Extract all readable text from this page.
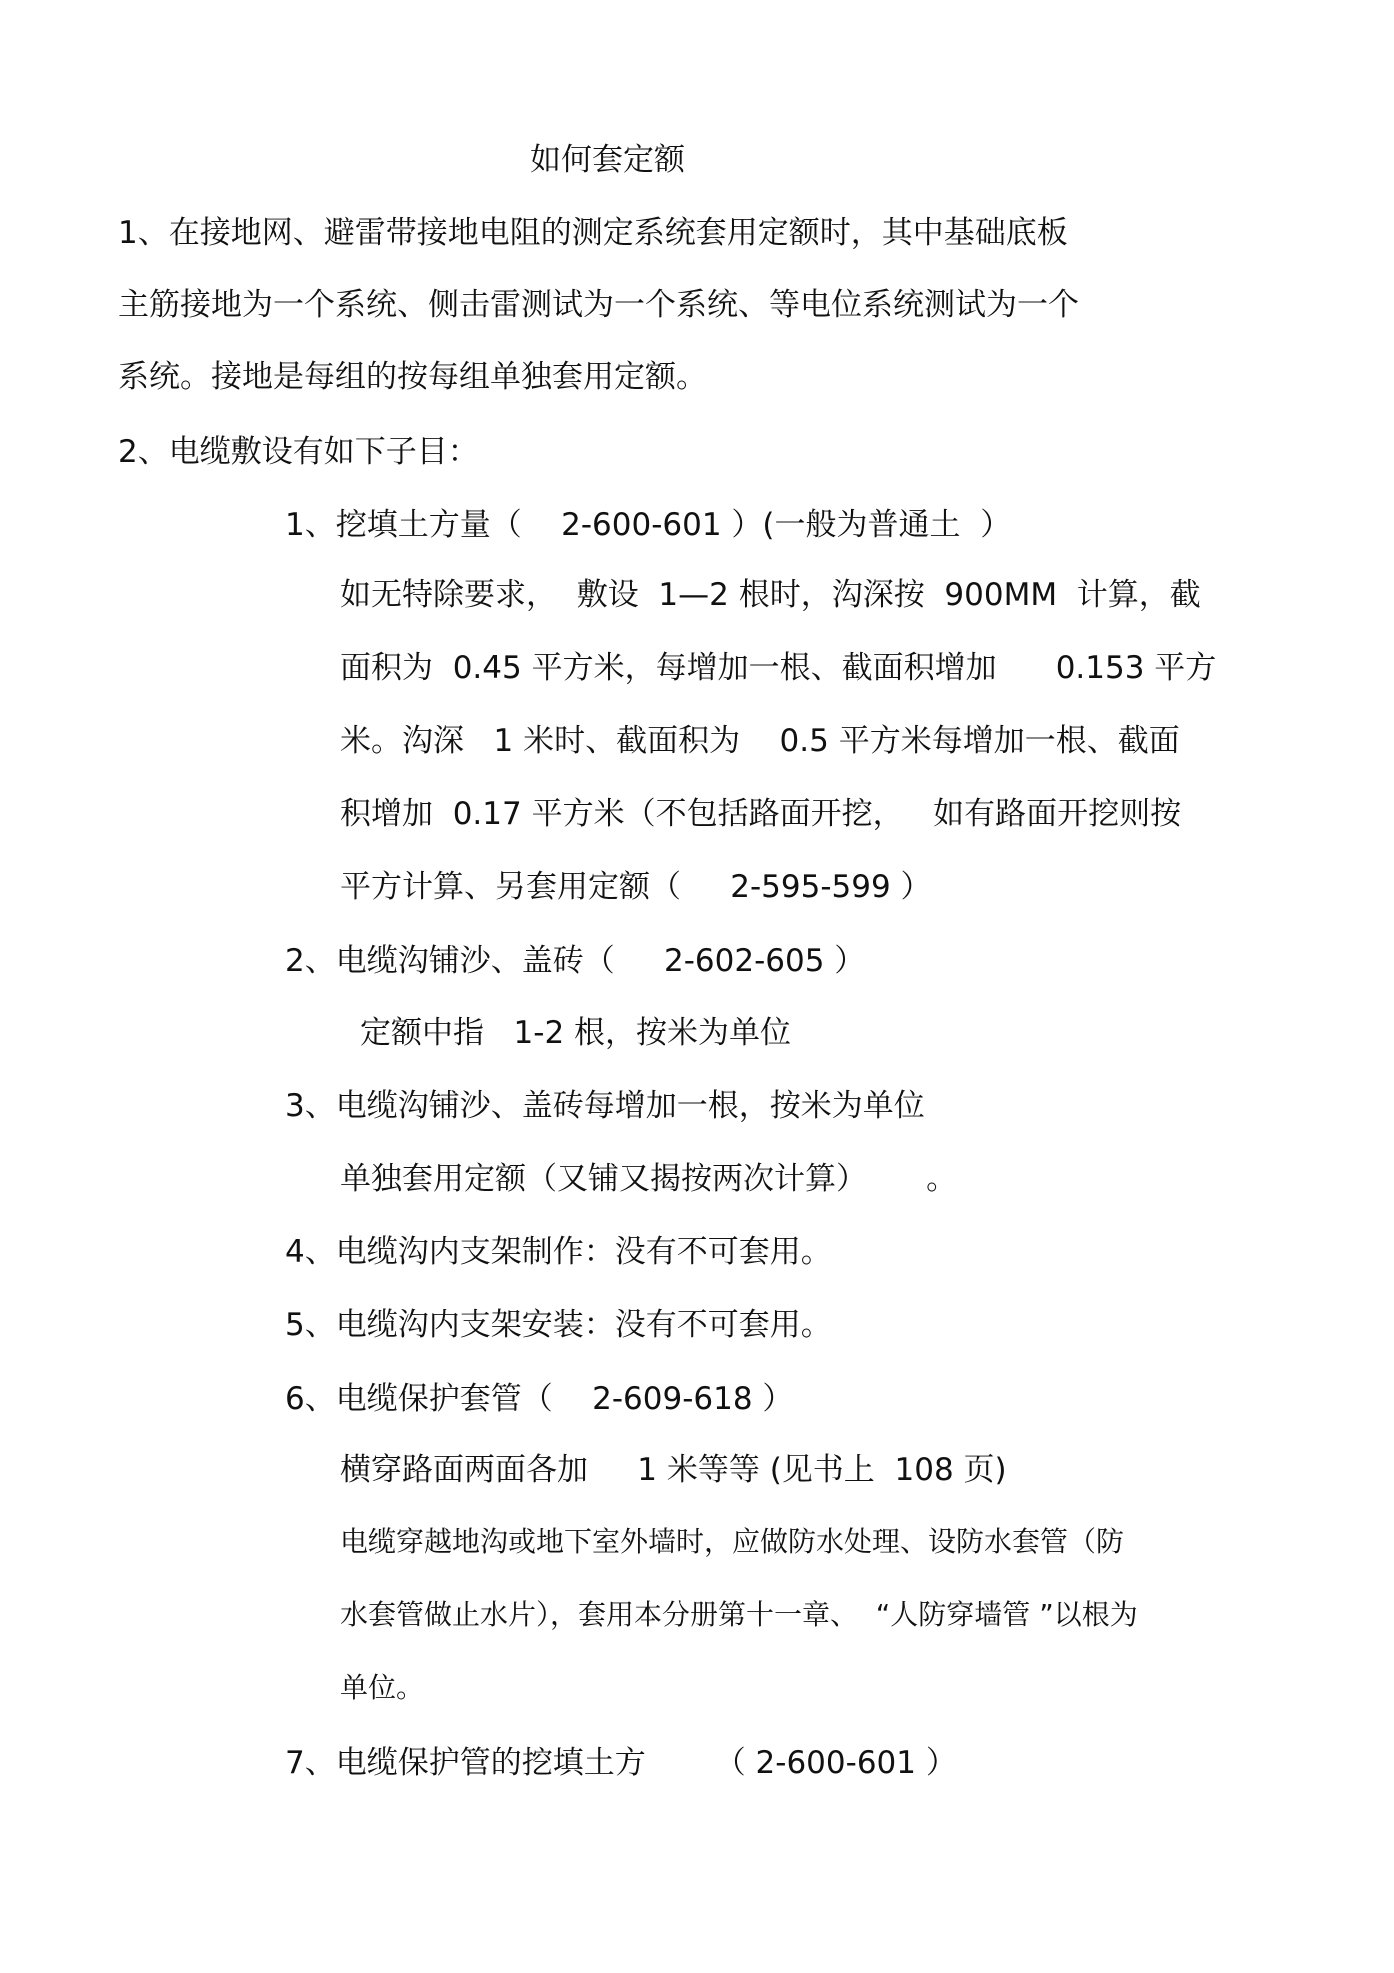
如何套定额
1、在接地网、避雷带接地电阻的测定系统套用定额时，其中基础底板
主筋接地为一个系统、侧击雷测试为一个系统、等电位系统测试为一个
系统。接地是每组的按每组单独套用定额。
2、电缆敷设有如下子目：
1、挖填土方量（    2-600-601 ）(一般为普通土  ）
如无特除要求，  敷设  1—2 根时，沟深按  900MM  计算，截
面积为  0.45 平方米，每增加一根、截面积增加      0.153 平方
米。沟深   1 米时、截面积为    0.5 平方米每增加一根、截面
积增加  0.17 平方米（不包括路面开挖，   如有路面开挖则按
平方计算、另套用定额（     2-595-599 ）
2、电缆沟铺沙、盖砖（     2-602-605 ）
定额中指   1-2 根，按米为单位
3、电缆沟铺沙、盖砖每增加一根，按米为单位
单独套用定额（又铺又揭按两次计算）      。
4、电缆沟内支架制作：没有不可套用。
5、电缆沟内支架安装：没有不可套用。
6、电缆保护套管（    2-609-618 ）
横穿路面两面各加     1 米等等 (见书上  108 页)
电缆穿越地沟或地下室外墙时，应做防水处理、设防水套管（防
水套管做止水片），套用本分册第十一章、  “人防穿墙管 ”以根为
单位。
7、电缆保护管的挖填土方       （ 2-600-601 ）
